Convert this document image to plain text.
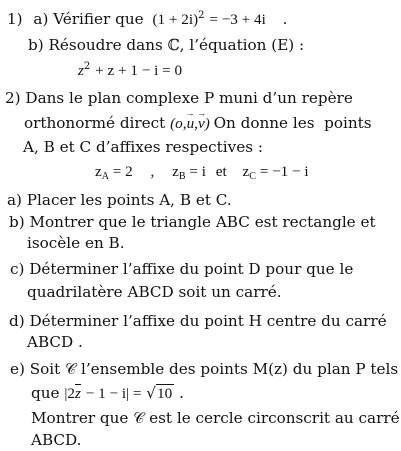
1) a) Vérifier que $(1 + 2i)^2 = -3 + 4i$ .
b) Résoudre dans ℂ, l’équation (E) :
$z^2 + z + 1 - i = 0$
2) Dans le plan complexe P muni d’un repère
orthonormé direct (o,→ u,→ v) On donne les  points
A, B et C d’affixes respectives :
zA = 2 , zB = i et zC = −1 − i
a) Placer les points A, B et C.
b) Montrer que le triangle ABC est rectangle et
isocèle en B.
c) Déterminer l’affixe du point D pour que le
quadrilatère ABCD soit un carré.
d) Déterminer l’affixe du point H centre du carré
ABCD .
e) Soit 𝒞 l’ensemble des points M(z) du plan P tels
que |2z − 1 − i| = √10 .
Montrer que 𝒞 est le cercle circonscrit au carré
ABCD.
